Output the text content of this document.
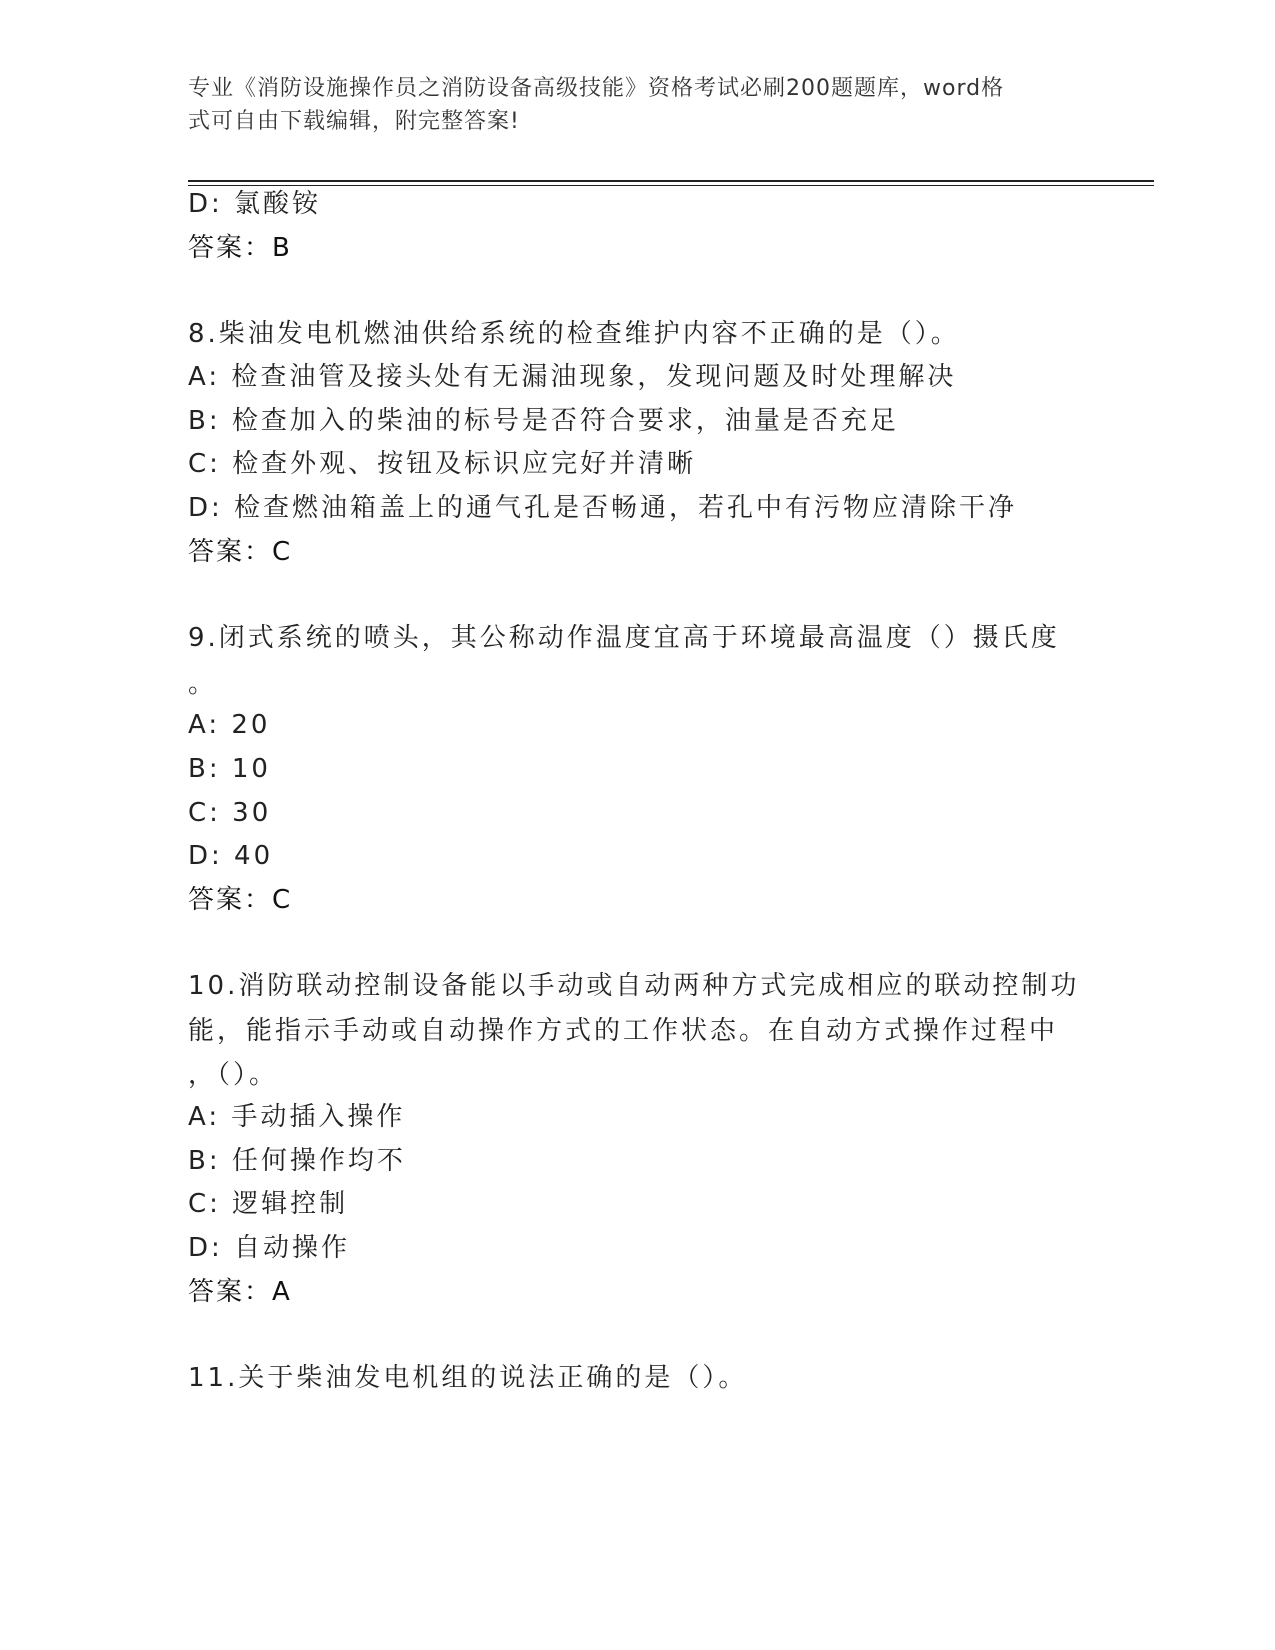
专业《消防设施操作员之消防设备高级技能》资格考试必刷200题题库，word格
式可自由下载编辑，附完整答案!
D: 氯酸铵
答案：B
8.柴油发电机燃油供给系统的检查维护内容不正确的是（）。
A: 检查油管及接头处有无漏油现象，发现问题及时处理解决
B: 检查加入的柴油的标号是否符合要求，油量是否充足
C: 检查外观、按钮及标识应完好并清晰
D: 检查燃油箱盖上的通气孔是否畅通，若孔中有污物应清除干净
答案：C
9.闭式系统的喷头，其公称动作温度宜高于环境最高温度（）摄氏度
。
A: 20
B: 10
C: 30
D: 40
答案：C
10.消防联动控制设备能以手动或自动两种方式完成相应的联动控制功
能，能指示手动或自动操作方式的工作状态。在自动方式操作过程中
，（）。
A: 手动插入操作
B: 任何操作均不
C: 逻辑控制
D: 自动操作
答案：A
11.关于柴油发电机组的说法正确的是（）。
